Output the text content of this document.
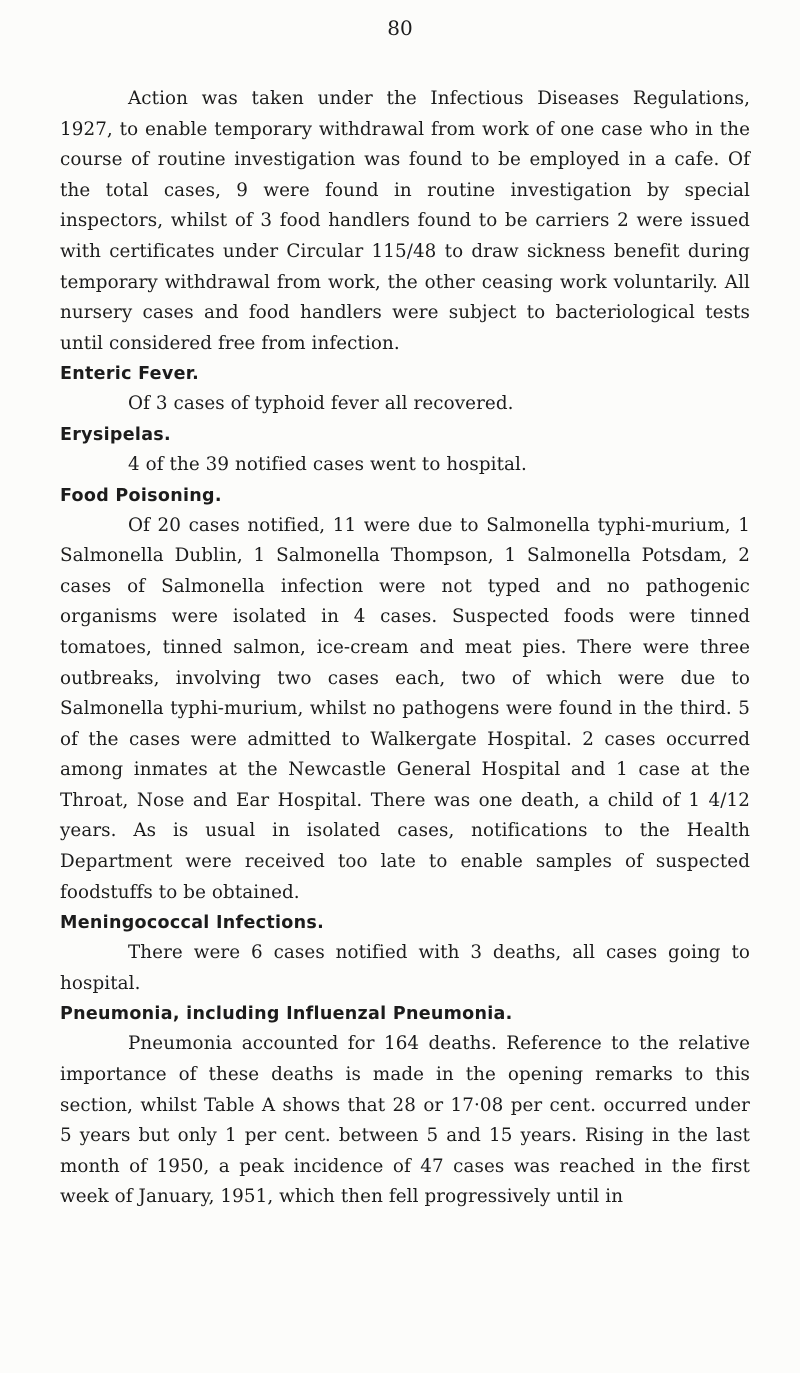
80

Action was taken under the Infectious Diseases Regulations, 1927, to enable temporary withdrawal from work of one case who in the course of routine investigation was found to be employed in a cafe. Of the total cases, 9 were found in routine investigation by special inspectors, whilst of 3 food handlers found to be carriers 2 were issued with certificates under Circular 115/48 to draw sickness benefit during temporary withdrawal from work, the other ceasing work voluntarily. All nursery cases and food handlers were subject to bacteriological tests until considered free from infection.

Enteric Fever.

Of 3 cases of typhoid fever all recovered.

Erysipelas.

4 of the 39 notified cases went to hospital.

Food Poisoning.

Of 20 cases notified, 11 were due to Salmonella typhi-murium, 1 Salmonella Dublin, 1 Salmonella Thompson, 1 Salmonella Potsdam, 2 cases of Salmonella infection were not typed and no pathogenic organisms were isolated in 4 cases. Suspected foods were tinned tomatoes, tinned salmon, ice-cream and meat pies. There were three outbreaks, involving two cases each, two of which were due to Salmonella typhi-murium, whilst no pathogens were found in the third. 5 of the cases were admitted to Walkergate Hospital. 2 cases occurred among inmates at the Newcastle General Hospital and 1 case at the Throat, Nose and Ear Hospital. There was one death, a child of 1 4/12 years. As is usual in isolated cases, notifications to the Health Department were received too late to enable samples of suspected foodstuffs to be obtained.

Meningococcal Infections.

There were 6 cases notified with 3 deaths, all cases going to hospital.

Pneumonia, including Influenzal Pneumonia.

Pneumonia accounted for 164 deaths. Reference to the relative importance of these deaths is made in the opening remarks to this section, whilst Table A shows that 28 or 17·08 per cent. occurred under 5 years but only 1 per cent. between 5 and 15 years. Rising in the last month of 1950, a peak incidence of 47 cases was reached in the first week of January, 1951, which then fell progressively until in
